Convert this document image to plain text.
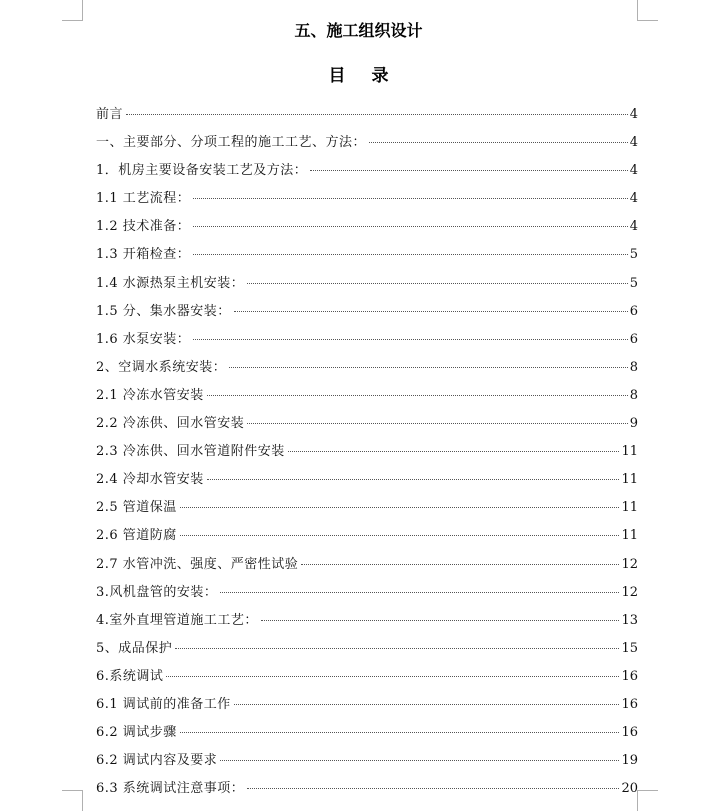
五、施工组织设计
目 录
前言	4
一、主要部分、分项工程的施工工艺、方法：	4
1．机房主要设备安装工艺及方法：	4
1.1 工艺流程：	4
1.2 技术准备：	4
1.3 开箱检查：	5
1.4 水源热泵主机安装：	5
1.5 分、集水器安装：	6
1.6 水泵安装：	6
2、空调水系统安装：	8
2.1 冷冻水管安装	8
2.2 冷冻供、回水管安装	9
2.3 冷冻供、回水管道附件安装	11
2.4 冷却水管安装	11
2.5 管道保温	11
2.6 管道防腐	11
2.7 水管冲洗、强度、严密性试验	12
3.风机盘管的安装：	12
4.室外直埋管道施工工艺：	13
5、成品保护	15
6.系统调试	16
6.1 调试前的准备工作	16
6.2 调试步骤	16
6.2 调试内容及要求	19
6.3 系统调试注意事项：	20
